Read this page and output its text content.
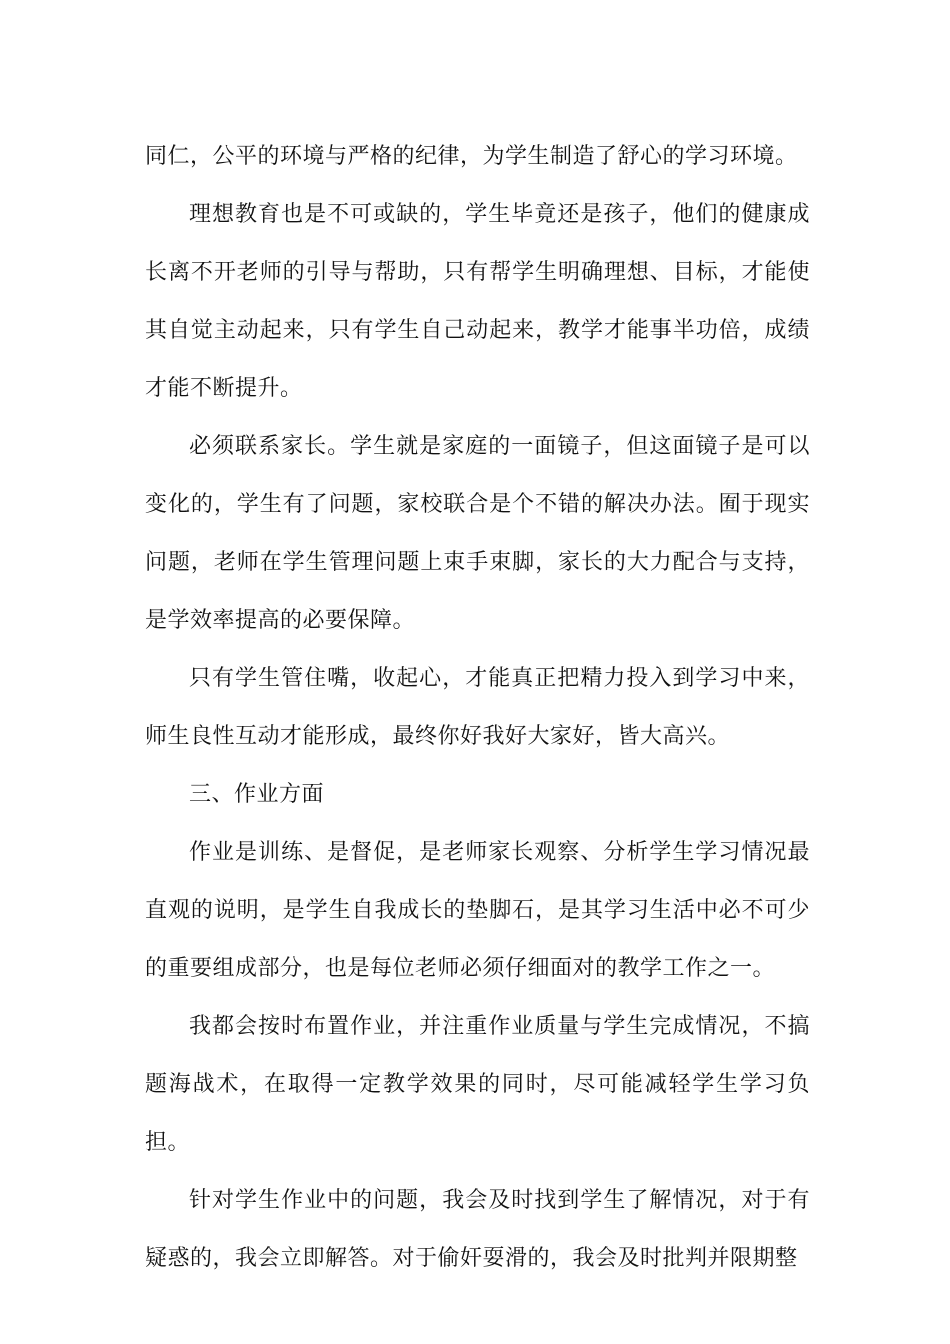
同仁，公平的环境与严格的纪律，为学生制造了舒心的学习环境。

理想教育也是不可或缺的，学生毕竟还是孩子，他们的健康成长离不开老师的引导与帮助，只有帮学生明确理想、目标，才能使其自觉主动起来，只有学生自己动起来，教学才能事半功倍，成绩才能不断提升。

必须联系家长。学生就是家庭的一面镜子，但这面镜子是可以变化的，学生有了问题，家校联合是个不错的解决办法。囿于现实问题，老师在学生管理问题上束手束脚，家长的大力配合与支持，是学效率提高的必要保障。

只有学生管住嘴，收起心，才能真正把精力投入到学习中来，师生良性互动才能形成，最终你好我好大家好，皆大高兴。

三、作业方面

作业是训练、是督促，是老师家长观察、分析学生学习情况最直观的说明，是学生自我成长的垫脚石，是其学习生活中必不可少的重要组成部分，也是每位老师必须仔细面对的教学工作之一。

我都会按时布置作业，并注重作业质量与学生完成情况，不搞题海战术，在取得一定教学效果的同时，尽可能减轻学生学习负担。

针对学生作业中的问题，我会及时找到学生了解情况，对于有疑惑的，我会立即解答。对于偷奸耍滑的，我会及时批判并限期整
